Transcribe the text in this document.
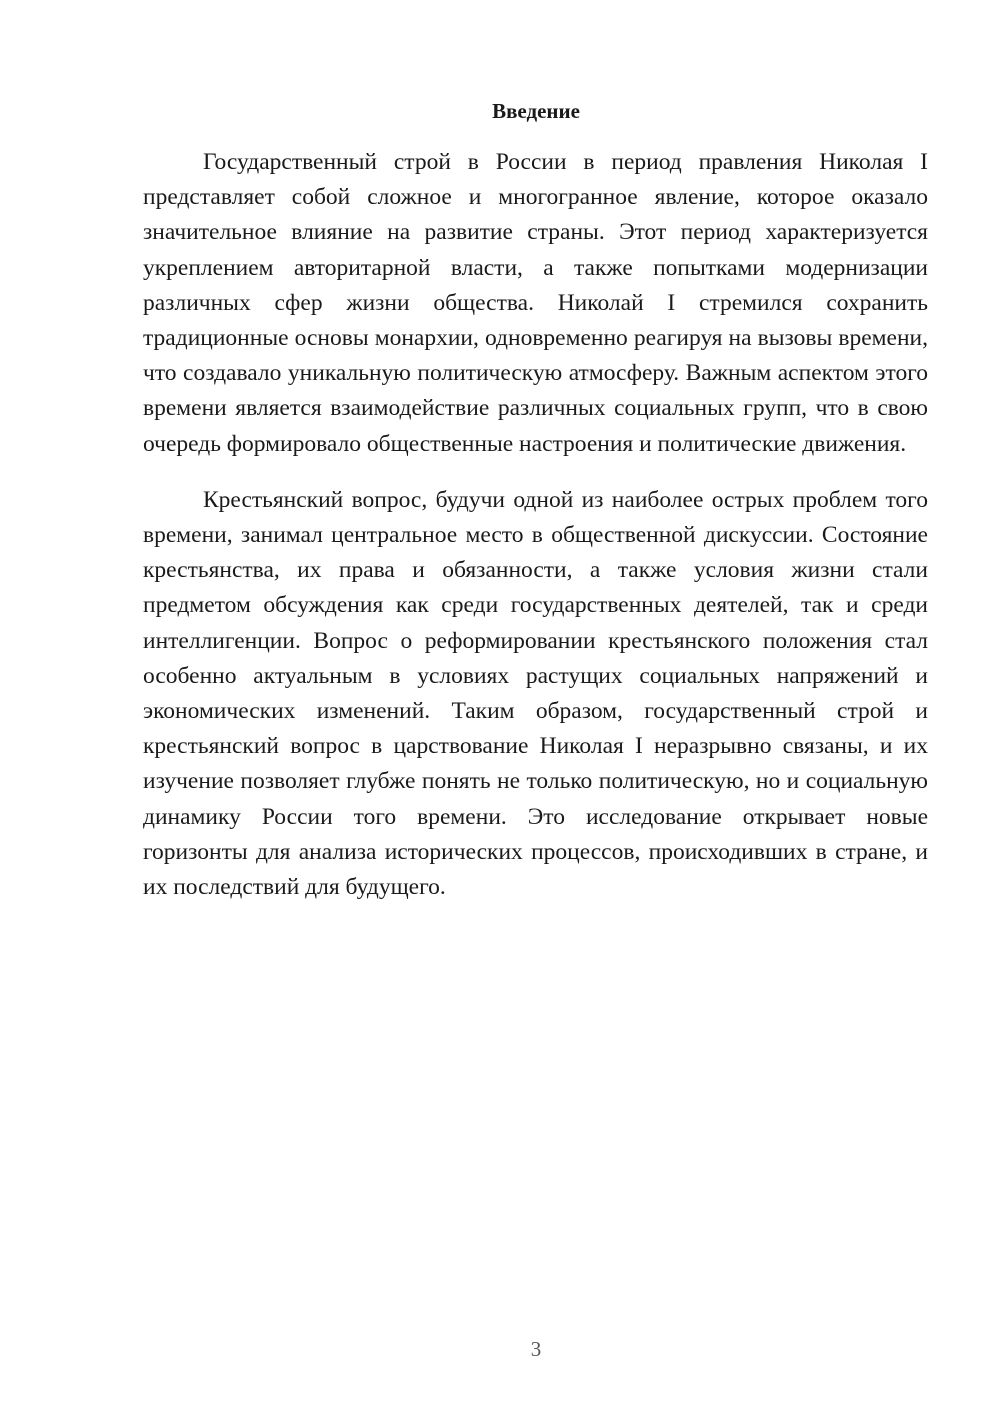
Введение

Государственный строй в России в период правления Николая I представляет собой сложное и многогранное явление, которое оказало значительное влияние на развитие страны. Этот период характеризуется укреплением авторитарной власти, а также попытками модернизации различных сфер жизни общества. Николай I стремился сохранить традиционные основы монархии, одновременно реагируя на вызовы времени, что создавало уникальную политическую атмосферу. Важным аспектом этого времени является взаимодействие различных социальных групп, что в свою очередь формировало общественные настроения и политические движения.

Крестьянский вопрос, будучи одной из наиболее острых проблем того времени, занимал центральное место в общественной дискуссии. Состояние крестьянства, их права и обязанности, а также условия жизни стали предметом обсуждения как среди государственных деятелей, так и среди интеллигенции. Вопрос о реформировании крестьянского положения стал особенно актуальным в условиях растущих социальных напряжений и экономических изменений. Таким образом, государственный строй и крестьянский вопрос в царствование Николая I неразрывно связаны, и их изучение позволяет глубже понять не только политическую, но и социальную динамику России того времени. Это исследование открывает новые горизонты для анализа исторических процессов, происходивших в стране, и их последствий для будущего.

3
